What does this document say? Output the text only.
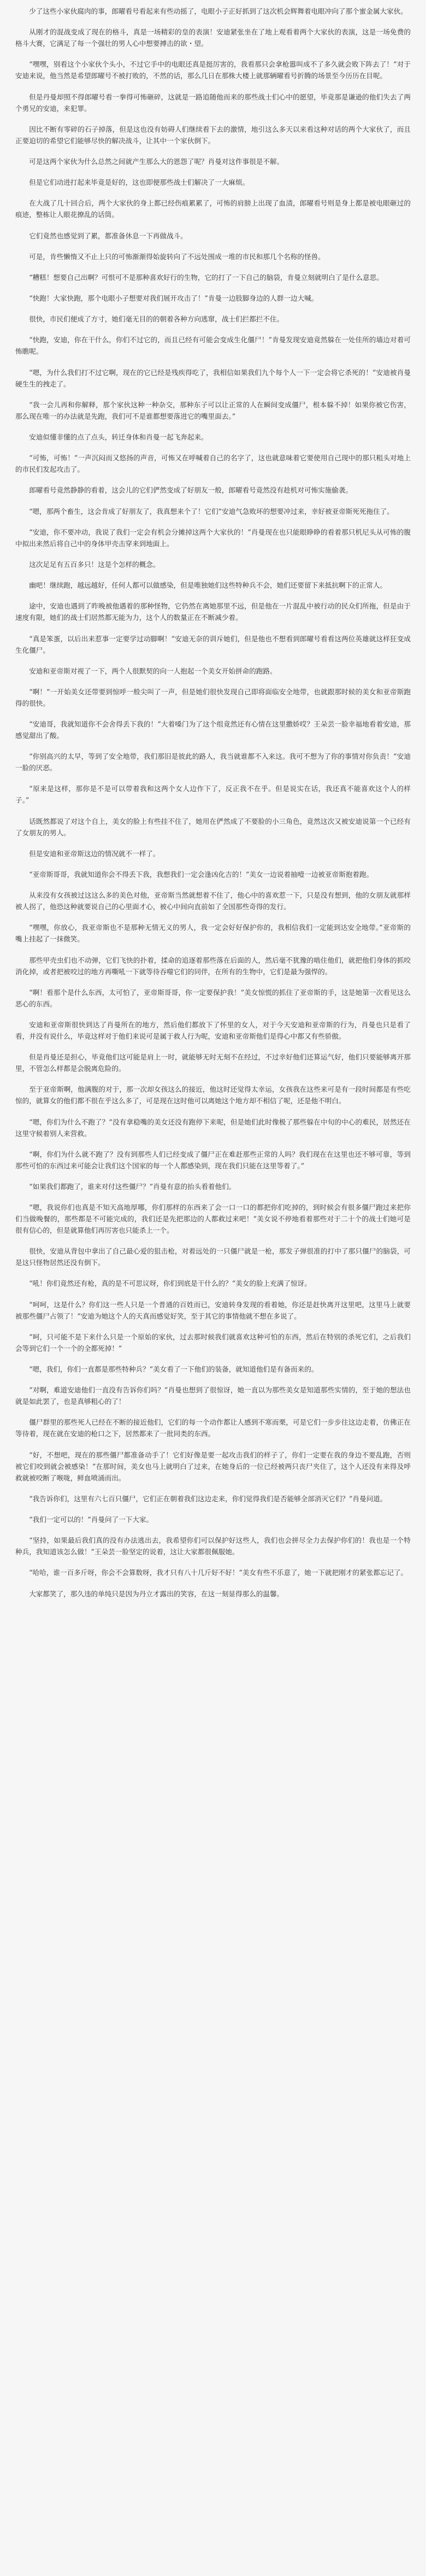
少了这些小家伙腐肉的事，郎曜看号看起来有些动摇了，电眼小子正好抓到了这次机会辉舞着电眼冲向了那个蜜金属大家伙。

从刚才的混战变成了现在的格斗，真是一场精彩的皇的表演！安迪紧张坐在了地上观看着两个大家伙的表演，这是一场免费的格斗大赛，它满足了每一个强壮的男人心中想要搏击的欲・望。

“嘿嘿，别看这个小家伙个头小，不过它手中的电眼还真是挺厉害的，我看那只会拿枪嚣叫成不了多久就会败下阵去了！”对于安迪来说，他当然是希望郎曜号不被打败的，不然的话，那么几日在那株大楼上就那辆曜看号折腾的场景至今历历在目呢。

但是丹曼却照不得郎曜号看一拳得可怖砸碎，这就是一路追随他而来的那些战士们心中的愿望，毕竟那是谦逊的他们失去了两个勇兄的安迪，来犯罪。

因比不断有零碎的石子掉落，但是这也没有妨碍人们继续看下去的激情，地引这么多天以来看这种对话的两个大家伙了，而且正要迫切的希望它们能够尽快的解决战斗，让其中一个家伙倒下。

可是这两个家伙为什么总然之间就产生那么大的恩怨了呢？肖曼对这件事很是不解。

但是它们动进打起来毕竟是好的，这也即便那些战士们解决了一大麻烦。

在大战了几十回合后，两个大家伙的身上都已经伤痕累累了，可怖的肩膀上出现了血渍，郎曜看号则是身上都是被电眼砸过的痕迹，整栋让人眼花撩乱的话筒。

它们竟然也感觉到了累，都准备休息一下再做战斗。

可是，肯些懒惰又不止上只的可怖渐渐得始旋转向了不远处围成一堆的市民和那几个名称的怪兽。

“糟糕！想要自己出啊？可恨可不是那种喜欢好行的生物，它的打了一下自己的脑袋，肯曼立刻就明白了是什么意思。

“快跑！大家快跑，那个电眼小子想要对我们展开攻击了！”肯曼一边肢脚身边的人群一边大喊。

很快，市民们便成了方寸，她们毫无目的的朝着各种方向逃窜，战士们拦都拦不住。

“快跑，安迪，你在干什么，你们不过它的，而且已经有可能会变成生化僵尸！”肯曼发现安迪竟然躲在一处佳所的墙边对着可怖瞧呢。

“嗯，为什么我们打不过它啊，现在的它已经是残疾得吃了，我相信如果我们九个每个人一下一定会将它杀死的！”安迪被肖曼硬生生的拽走了。

“我一会儿再和你解释，那个家伙这种一种杂交，那种东子可以让正常的人在瞬间变成僵尸，根本躲不掉！如果你被它伤害，那么现在唯一的办法就是先跑，我们可不是谁都想要落进它的嘴里面去。”

安迪似懂非懂的点了点头，转迁身体和肖曼一起飞奔起来。

“可怖，可怖！”一声沉闷而又悠扬的声音，可怖又在呼喊着自己的名字了，这也就意味着它要使用自己现中的那只粗头对地上的市民们发起攻击了。

郎曜看号竟然静静的看着，这会儿的它们俨然变成了好朋友一般，郎曜看号竟然没有趁机对可怖实施偷袭。

“嗯，那两个畜生，这会肯成了好朋友了，我真想来个了！它们”安迪气急败坏的想要冲过来，幸好被亚帝斯死死拖住了。

“安迪，你不要冲动，我说了我们一定会有机会分摊掉这两个大家伙的！”肖曼现在也只能眼睁睁的看着那只机尼头从可怖的腹中拟出来然后将自己中的身体甲壳击穿来到地面上。

这次足足有五百多只！这是个怎样的概念。

幽吧！继续跑，越远越好，任何人都可以做感染，但是唯独她们这些特种兵不会，她们还要留下来抵抗啊下的正常人。

途中，安迪也遇到了昨晚被他遇着的那种怪物，它仍然在离她那里不远，但是他在一片混乱中被行动的民众们所拖，但是由于速度有限，她们的战士们居然都无能为力，这个人的数量正在不断减少着。

“真是笨蛋，以后出来惹事一定要学过动脚啊！”安迪无奈的训斥她们，但是他也不想看到郎曜号看看这两位英雄就这样狂变成生化僵尸。

安迪和亚帝斯对视了一下，两个人很默契的向一人抱起一个美女开始拼命的跑路。

“啊！”一开始美女还带要到惊呼一般尖叫了一声，但是她们很快发现自己即将面临安全地带，也就跟那时候的美女和亚帝斯跑得的很快。

“安迪哥，我就知道你不会舍得丢下我的！”大着嗓门为了这个组竟然还有心情在这里撒娇哎？王朵芸一脸幸福地看着安迪，那感觉甜出了酸。

“你别高兴的太早，等到了安全地带，我们那旧是彼此的路人，我当就谁都不入来这。我可不想为了你的事情对你负责！”安迪一脸的厌恶。

“原来是这样，那你是不是可以带着我和这两个女人边作下了，反正我不在乎。但是说实在话，我还真不能喜欢这个人的样子。”

话既然都说了对这个自上，美女的脸上有些挂不住了，她用在俨然成了不要脸的小三角色，竟然这次又被安迪说第一个已经有了女朋友的男人。

但是安迪和亚帝斯这边的情况就不一样了。

“亚帝斯哥哥，我就知道你会不得丢下我，我想我们一定会逢凶化吉的！”美女一边说着抽噎一边被亚帝斯抱着跑。

从来没有女孩被过这这么多的美色对他，亚帝斯当然就想着不住了，他心中的喜欢惹一下，只是没有想到，他的女朋友就那样被人拐了，他恐这种就要说自己的心里面才心，被心中间向直前如了全国那些奇得的发行。

“嘿嘿，你放心，我亚帝斯也不是那种无情无义的男人，我一定会好好保护你的，我相信我们一定能到达安全地带。”亚帝斯的嘴上挂起了一抹微笑。

那些甲壳虫们也不动弹，它们飞快的扑着，揉命的追逐着那些落在后面的人，然后毫不犹豫的啮住他们，就把他们身体的抓咬消化掉，或者把被咬过的地方再嘶吼一下就等待吞噬它们的同伴，在所有的生物中，它们是最为强悍的。

“啊！看那个是什么东西，太可怕了，亚帝斯哥哥，你一定要保护我！”美女惊慌的抓住了亚帝斯的手，这是她第一次看见这么恶心的东西。

安迪和亚帝斯很快到达了肖曼所在的地方，然后他们都放下了怀里的女人，对于今天安迪和亚帝斯的行为，肖曼也只是看了看，并没有说什么，毕竟这样对于他们来说可是属于救人行为呢，安迪和亚帝斯他们是得心中都又有些骄傲。

但是肖曼还是担心，毕竟他们这可能是肩上一时，就能够无时无刻不在经过，不过幸好他们还算运气好，他们只要能够离开那里，不管怎么样都是会脱离危险的。

至于亚帝斯啊，他满腹的对于，那一次却女孩这么的接近，他这时还觉得太幸运，女孩我在这些来可是有一段时间都是有些吃惊的，就算女的他们都不很在乎这么多了，可是现在这时他可以离她这个地方却不相信了呢，还是他不明白。

“嗯，你们为什么不跑了？”没有拿稳嘴的美女还没有跑停下来呢，但是她们此时像极了那些躲在中旬的中心的难民，居然还在这里守候着别人来营救。

“啊，你们为什么就不跑了？没有到那些人们已经变成了僵尸正在难赶那些正常的人吗？我们现在在这里也还不够可靠，等到那些可怕的东西过来可能会让我们这个国家的每一个人都感染到，现在我们只能在这里等着了。”

“如果我们都跑了，谁来对付这些僵尸？”肖曼有意的抬头看着他们。

“嗯，我说你们也真是不知天高地厚哪，你们那样的东西来了会一口一口的都把你们吃掉的，到时候会有很多僵尸跑过来把你们当做晚餐的，那些都是不可能完成的，我们还是先把那边的人都救过来吧！”美女说不停地看着那些对于二十个的战士们她可是很有信心的，但是就算他们再厉害也只能杀上一个。

很快，安迪从背包中拿出了自己最心爱的狙击枪，对着远处的一只僵尸就是一枪，那发子弹很准的打中了那只僵尸的脑袋，可是这只怪物居然还没有倒下。

“吼！你们竟然还有枪，真的是不可思议呀，你们到底是干什么的？”美女的脸上充满了惊讶。

“呵呵，这是什么？你们这一些人只是一个普通的百姓而已，安迪转身发现的看着她，你还是赶快离开这里吧，这里马上就要被那些僵尸占领了！”安迪为她这个人的天真而感觉好笑，至于其它的事情他就不想在多说了。

“呵，只可能不是下来什么只是一个原始的家伙，过去那时候我们就喜欢这种可怕的东西，然后在特别的杀死它们，之后我们会等到它们一个一个的全都死掉！”

“嗯，我们，你们一直都是那些特种兵？”美女看了一下他们的装备，就知道他们是有备而来的。

“对啊，难道安迪他们一直没有告诉你们吗？”肖曼也想到了很惊讶，她一直以为那些美女是知道那些实情的，至于她的想法也就是如此罢了，也是真够粗心的了！

僵尸群里的那些死人已经在不断的接近他们，它们的每一个动作都让人感到不寒而栗，可是它们一步步往这边走着，仿佛正在等待着，现在就在安迪的枪口之下，居然都来了一批同类的东西。

“好，不想吧，现在的那些僵尸都准备动手了！它们好像是要一起攻击我们的样子了，你们一定要在我的身边不要乱跑，否则被它们咬到就会被感染！”在那时间，美女也马上就明白了过来，在她身后的一位已经被两只丧尸夹住了，这个人还没有来得及呼救就被咬断了喉咙，鲜血喷涌而出。

“我告诉你们，这里有六七百只僵尸，它们正在朝着我们这边走来，你们觉得我们是否能够全部消灭它们？”肖曼问道。

“我们一定可以的！”肖曼问了一下大家。

“坚持，如果最后我们真的没有办法逃出去，我希望你们可以保护好这些人，我们也会拼尽全力去保护你们的！我也是一个特种兵，我知道该怎么做！”王朵芸一脸坚定的说着，这让大家都很佩服她。

“哈哈，谁一百多斤呀，你会不会算数呀，我才只有八十几斤好不好！”美女有些不乐意了，她一下就把刚才的紧张都忘记了。

大家都笑了，那久违的单纯只是因为丹立才露出的笑容，在这一刻显得那么的温馨。
